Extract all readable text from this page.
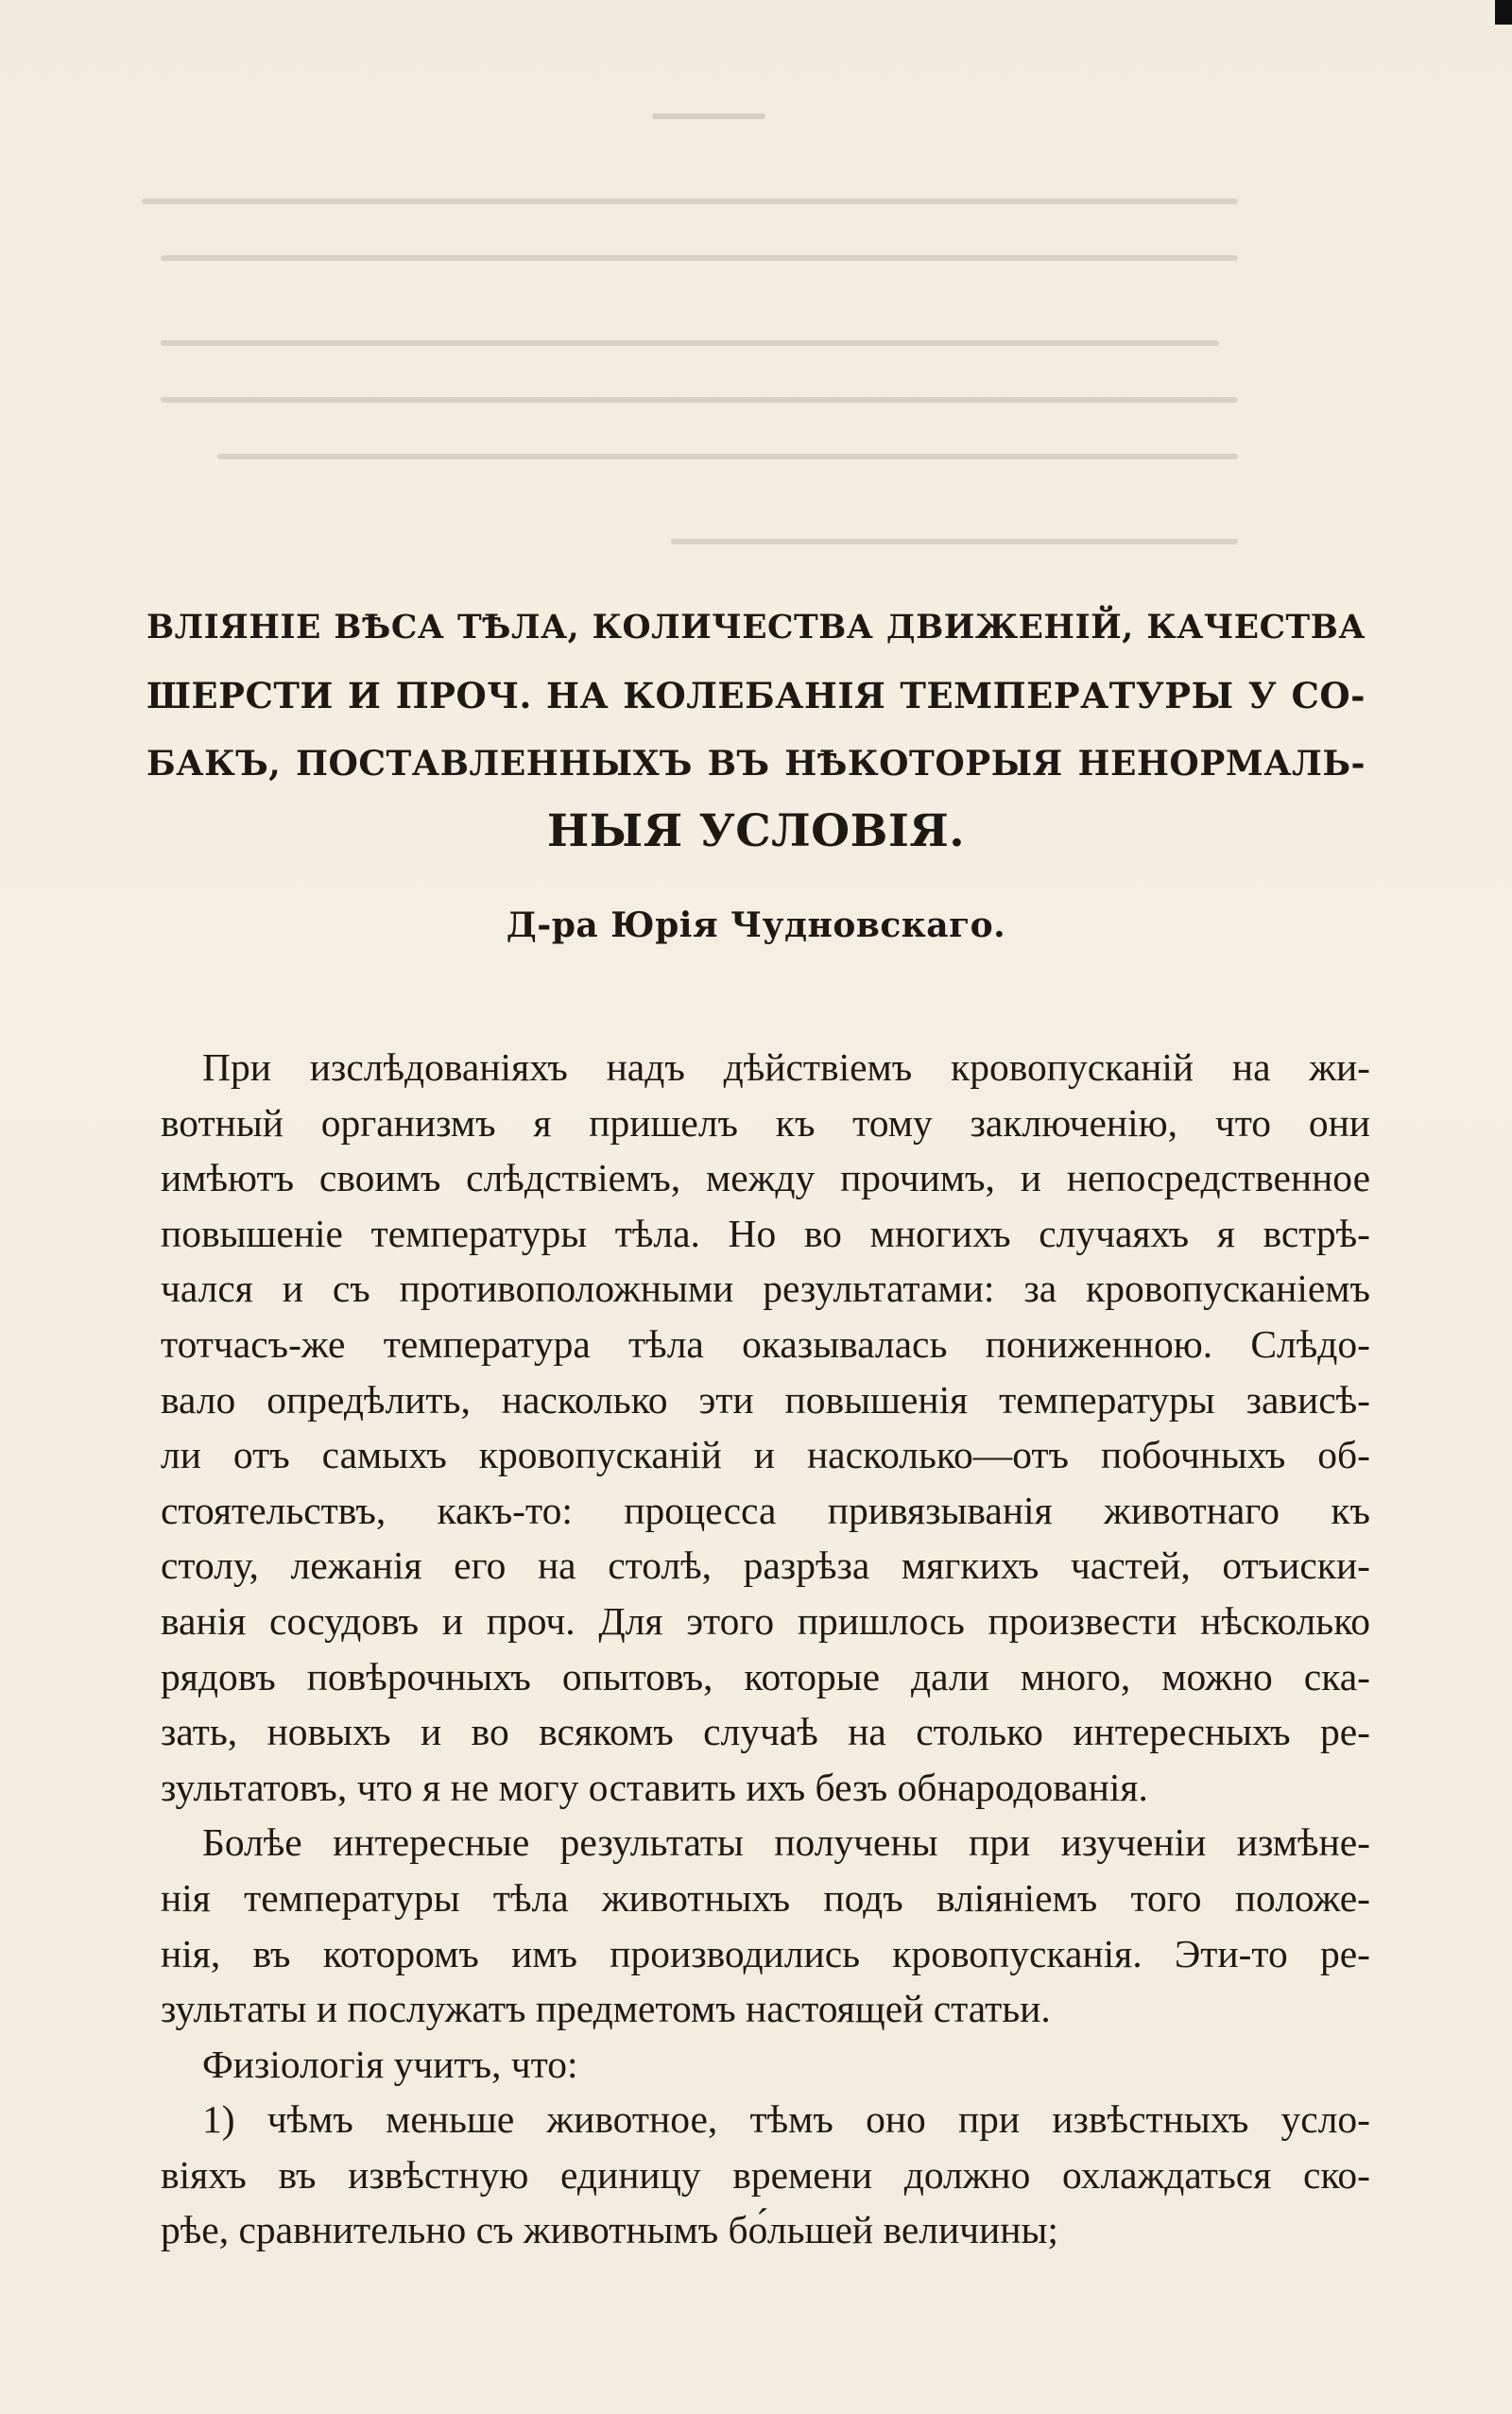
ВЛІЯНІЕ ВѢСА ТѢЛА, КОЛИЧЕСТВА ДВИЖЕНІЙ, КАЧЕСТВА
ШЕРСТИ И ПРОЧ. НА КОЛЕБАНІЯ ТЕМПЕРАТУРЫ У СО-
БАКЪ, ПОСТАВЛЕННЫХЪ ВЪ НѢКОТОРЫЯ НЕНОРМАЛЬ-
НЫЯ УСЛОВІЯ.
Д-ра Юрія Чудновскаго.
При изслѣдованіяхъ надъ дѣйствіемъ кровопусканій на жи-
вотный организмъ я пришелъ къ тому заключенію, что они
имѣютъ своимъ слѣдствіемъ, между прочимъ, и непосредственное
повышеніе температуры тѣла. Но во многихъ случаяхъ я встрѣ-
чался и съ противоположными результатами: за кровопусканіемъ
тотчасъ-же температура тѣла оказывалась пониженною. Слѣдо-
вало опредѣлить, насколько эти повышенія температуры зависѣ-
ли отъ самыхъ кровопусканій и насколько—отъ побочныхъ об-
стоятельствъ, какъ-то: процесса привязыванія животнаго къ
столу, лежанія его на столѣ, разрѣза мягкихъ частей, отъиски-
ванія сосудовъ и проч. Для этого пришлось произвести нѣсколько
рядовъ повѣрочныхъ опытовъ, которые дали много, можно ска-
зать, новыхъ и во всякомъ случаѣ на столько интересныхъ ре-
зультатовъ, что я не могу оставить ихъ безъ обнародованія.
Болѣе интересные результаты получены при изученіи измѣне-
нія температуры тѣла животныхъ подъ вліяніемъ того положе-
нія, въ которомъ имъ производились кровопусканія. Эти-то ре-
зультаты и послужатъ предметомъ настоящей статьи.
Физіологія учитъ, что:
1) чѣмъ меньше животное, тѣмъ оно при извѣстныхъ усло-
віяхъ въ извѣстную единицу времени должно охлаждаться ско-
рѣе, сравнительно съ животнымъ бо́льшей величины;
